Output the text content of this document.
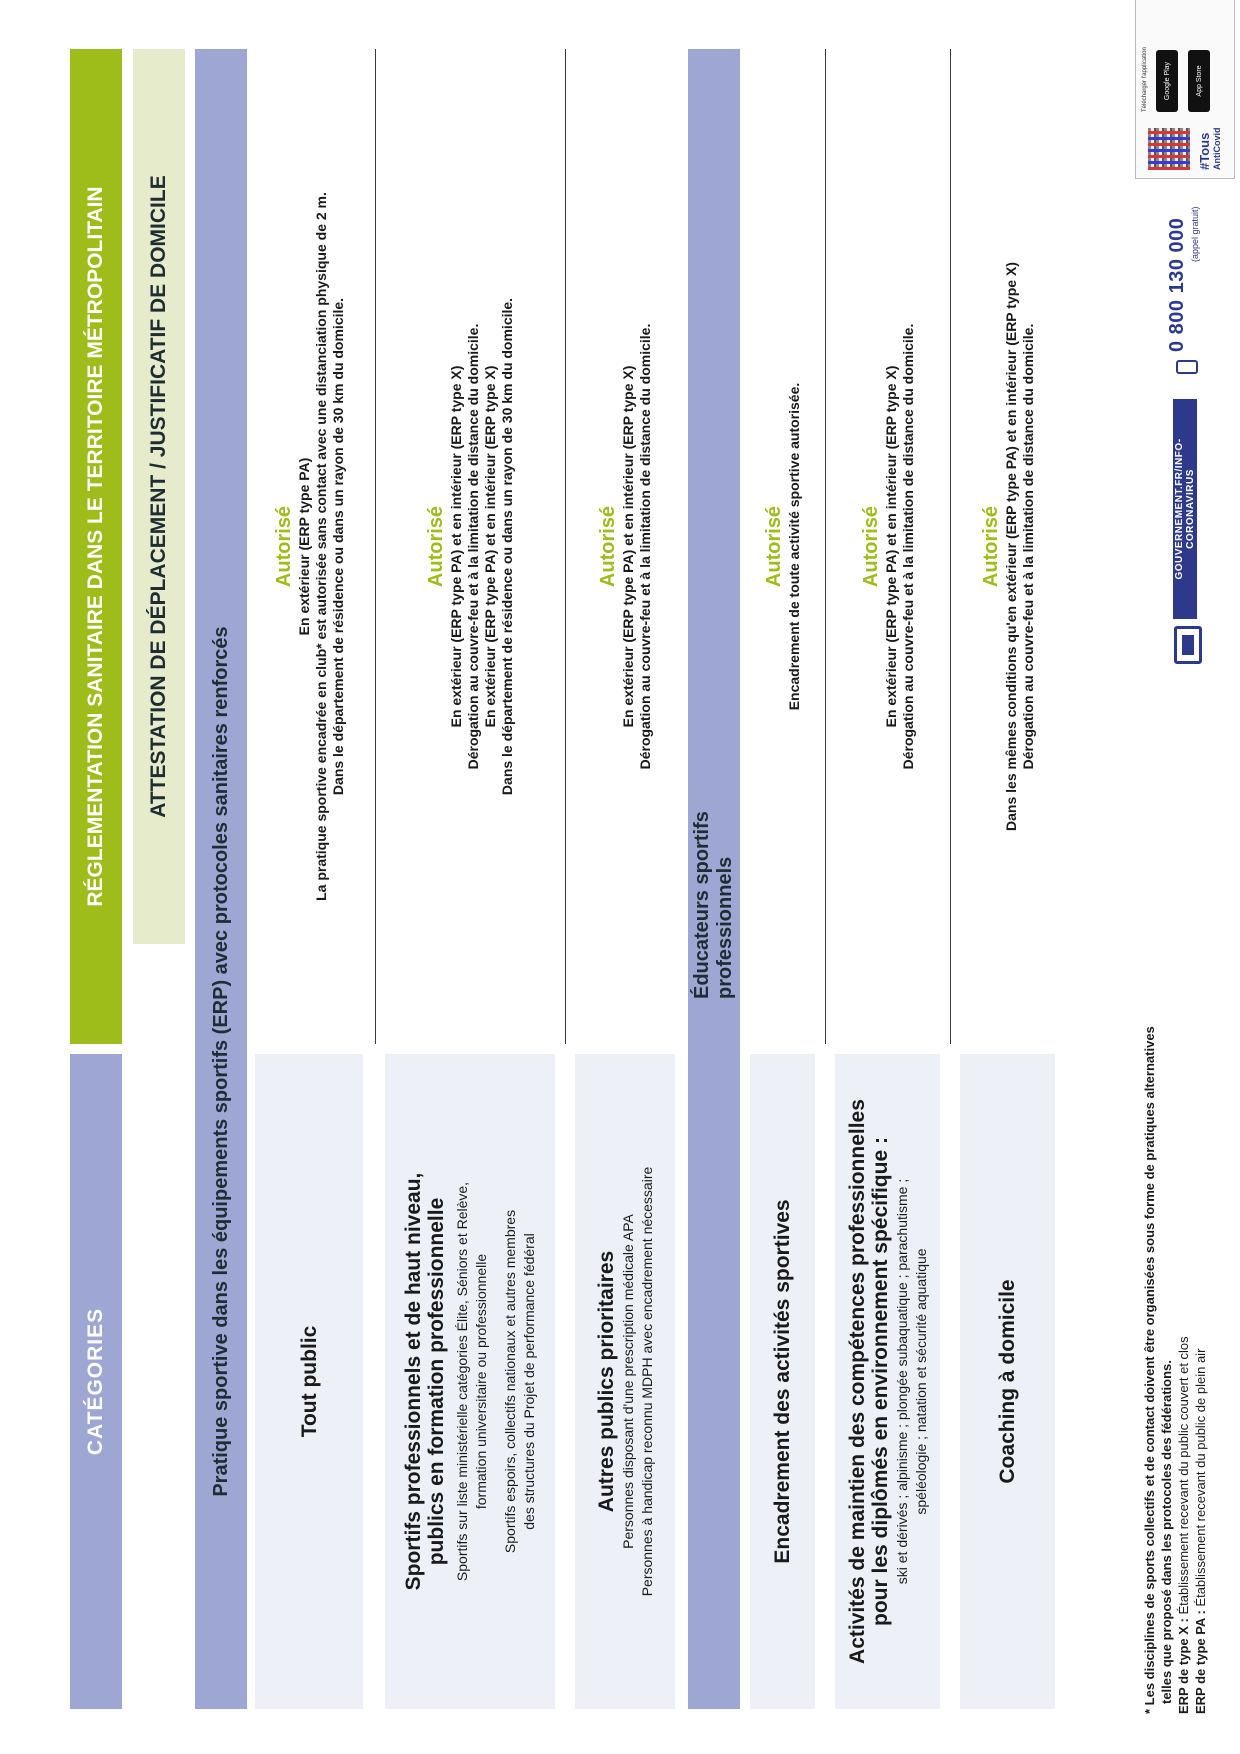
CATÉGORIES
RÉGLEMENTATION SANITAIRE DANS LE TERRITOIRE MÉTROPOLITAIN	ATTESTATION DE DÉPLACEMENT / JUSTIFICATIF DE DOMICILE
Pratique sportive dans les équipements sportifs (ERP) avec protocoles sanitaires renforcés	Tout public
Autorisé En extérieur (ERP type PA) La pratique sportive encadrée en club* est autorisée sans contact avec une distanciation physique de 2 m. Dans le département de résidence ou dans un rayon de 30 km du domicile.
Sportifs professionnels et de haut niveau, publics en formation professionnelle Sportifs sur liste ministérielle catégories Élite, Séniors et Relève, formation universitaire ou professionnelle Sportifs espoirs, collectifs nationaux et autres membres des structures du Projet de performance fédéral
Autorisé En extérieur (ERP type PA) et en intérieur (ERP type X) Dérogation au couvre-feu et à la limitation de distance du domicile. En extérieur (ERP type PA) et en intérieur (ERP type X) Dans le département de résidence ou dans un rayon de 30 km du domicile.
Autres publics prioritaires Personnes disposant d'une prescription médicale APA Personnes à handicap reconnu MDPH avec encadrement nécessaire
Autorisé En extérieur (ERP type PA) et en intérieur (ERP type X) Dérogation au couvre-feu et à la limitation de distance du domicile.
Éducateurs sportifs professionnels
Encadrement des activités sportives
Autorisé Encadrement de toute activité sportive autorisée.
Activités de maintien des compétences professionnelles pour les diplômés en environnement spécifique : ski et dérivés ; alpinisme ; plongée subaquatique ; parachutisme ; spéléologie ; natation et sécurité aquatique
Autorisé En extérieur (ERP type PA) et en intérieur (ERP type X) Dérogation au couvre-feu et à la limitation de distance du domicile.
Coaching à domicile
Autorisé Dans les mêmes conditions qu'en extérieur (ERP type PA) et en intérieur (ERP type X) Dérogation au couvre-feu et à la limitation de distance du domicile.
* Les disciplines de sports collectifs et de contact doivent être organisées sous forme de pratiques alternatives telles que proposé dans les protocoles des fédérations. ERP de type X : Établissement recevant du public couvert et clos
ERP de type PA : Établissement recevant du public de plein air
GOUVERNEMENT.FR/INFO-CORONAVIRUS
0 800 130 000 (appel gratuit)
#Tous AntiCovid
App Store
Google Play
Télécharger l'application
